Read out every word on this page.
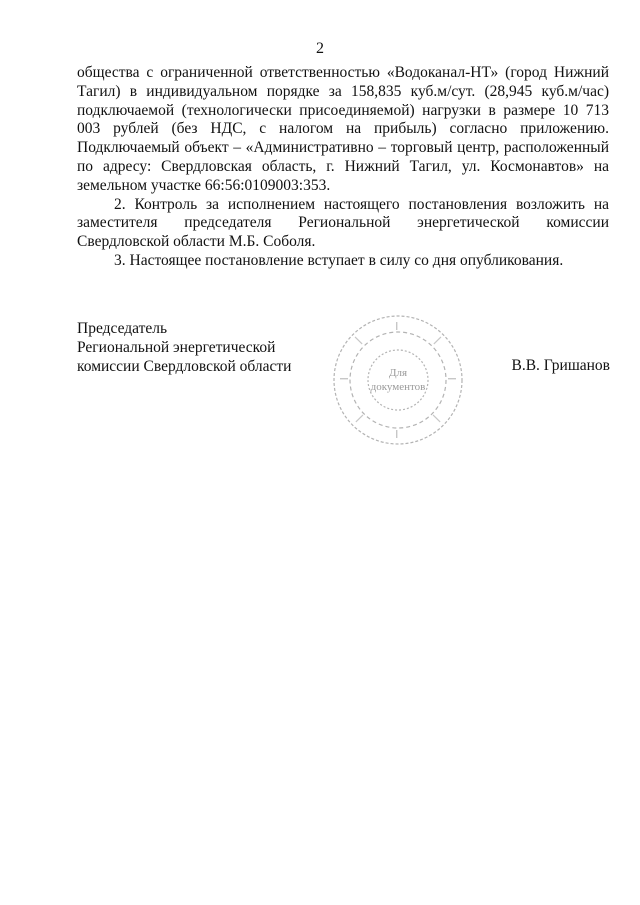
2

общества с ограниченной ответственностью «Водоканал-НТ» (город Нижний Тагил) в индивидуальном порядке за 158,835 куб.м/сут. (28,945 куб.м/час) подключаемой (технологически присоединяемой) нагрузки в размере 10 713 003 рублей (без НДС, с налогом на прибыль) согласно приложению. Подключаемый объект – «Административно – торговый центр, расположенный по адресу: Свердловская область, г. Нижний Тагил, ул. Космонавтов» на земельном участке 66:56:0109003:353.

2. Контроль за исполнением настоящего постановления возложить на заместителя председателя Региональной энергетической комиссии Свердловской области М.Б. Соболя.

3. Настоящее постановление вступает в силу со дня опубликования.

Председатель
Региональной энергетической
комиссии Свердловской области	В.В. Гришанов
Для
документов
